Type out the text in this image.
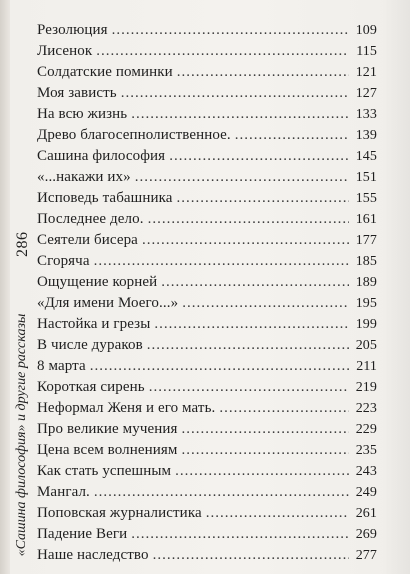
286
«Сашина философия» и другие рассказы
Резолюция .....	109
Лисенок .....	115
Солдатские поминки .....	121
Моя зависть .....	127
На всю жизнь .....	133
Древо благосепнолиственное. .....	139
Сашина философия .....	145
«...накажи их» .....	151
Исповедь табашника .....	155
Последнее дело. .....	161
Сеятели бисера .....	177
Сгоряча .....	185
Ощущение корней .....	189
«Для имени Моего...» .....	195
Настойка и грезы .....	199
В числе дураков .....	205
8 марта .....	211
Короткая сирень .....	219
Неформал Женя и его мать. .....	223
Про великие мучения .....	229
Цена всем волнениям .....	235
Как стать успешным .....	243
Мангал. .....	249
Поповская журналистика .....	261
Падение Веги .....	269
Наше наследство .....	277
